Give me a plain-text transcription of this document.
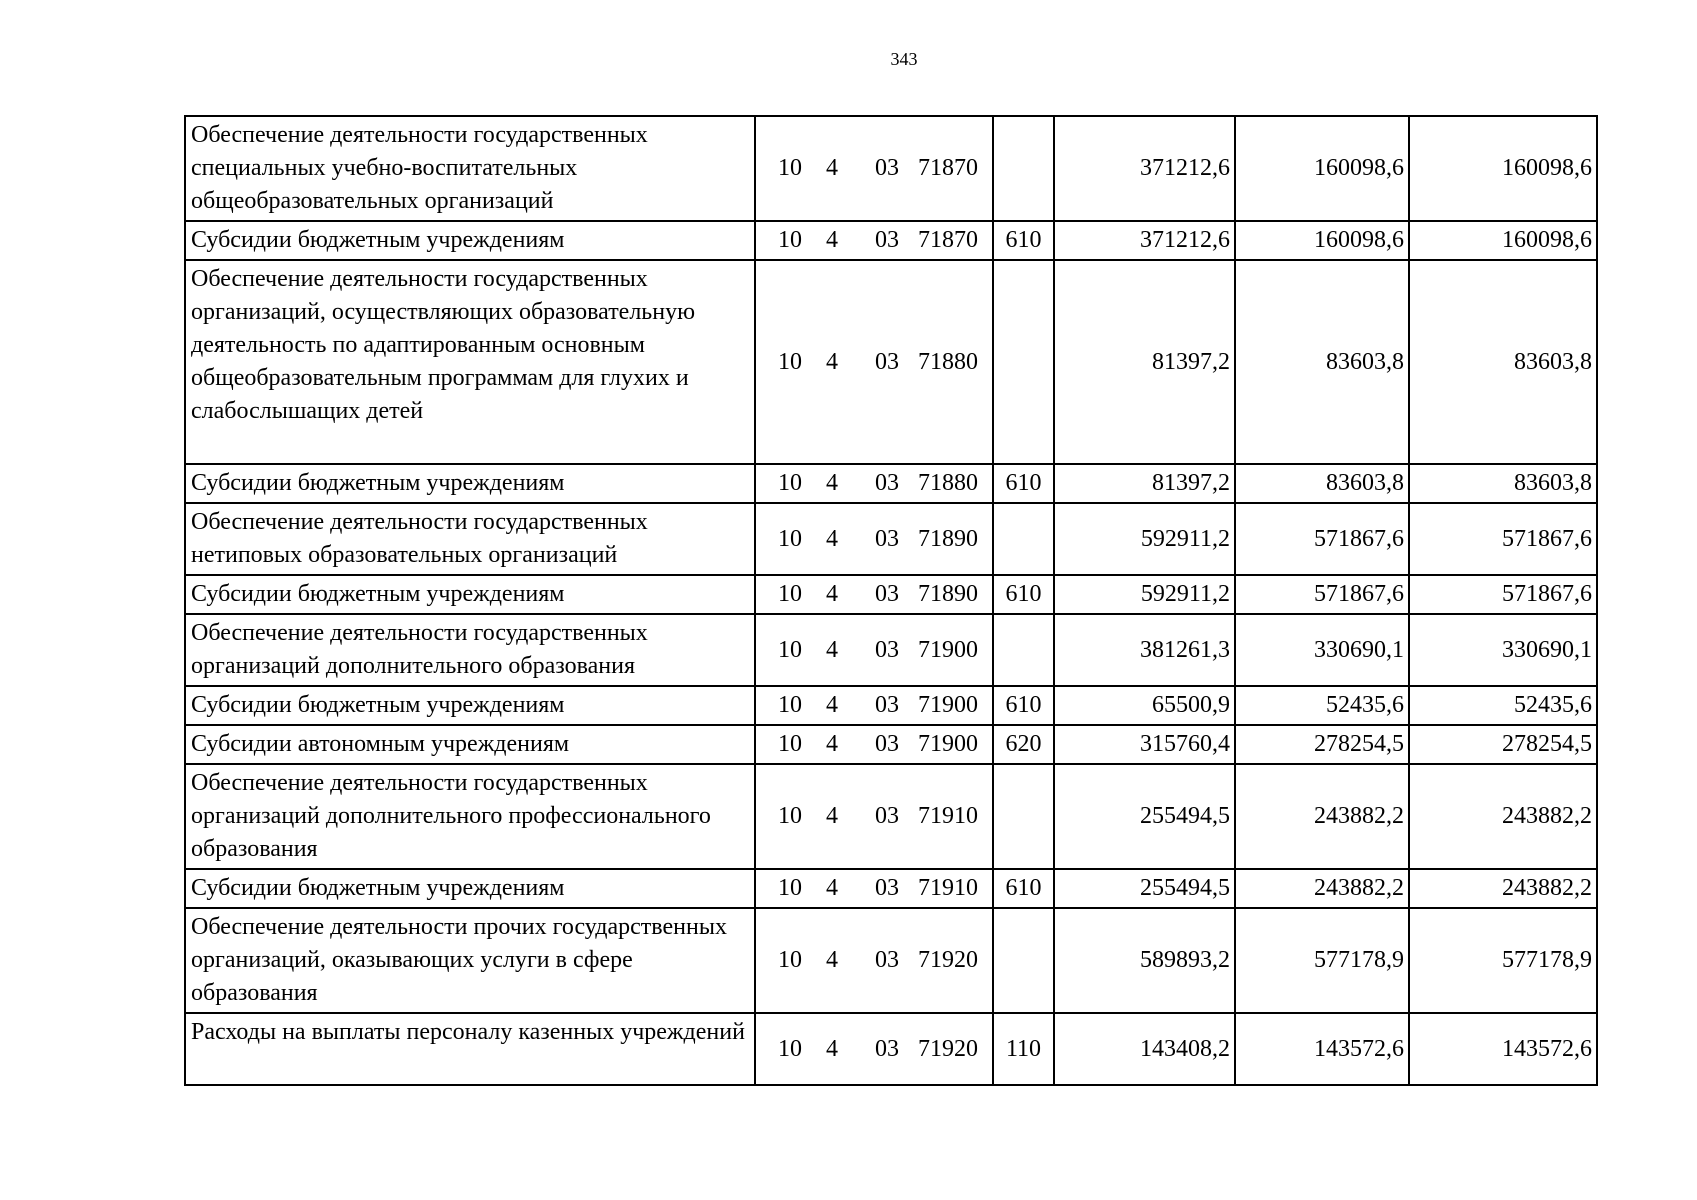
343
Обеспечение деятельности государственных специальных учебно-воспитательных общеобразовательных организаций	10 4 03 71870		371212,6	160098,6	160098,6
Субсидии бюджетным учреждениям	10 4 03 71870	610	371212,6	160098,6	160098,6
Обеспечение деятельности государственных организаций, осуществляющих образовательную деятельность по адаптированным основным общеобразовательным программам для глухих и слабослышащих детей	10 4 03 71880		81397,2	83603,8	83603,8
Субсидии бюджетным учреждениям	10 4 03 71880	610	81397,2	83603,8	83603,8
Обеспечение деятельности государственных нетиповых образовательных организаций	10 4 03 71890		592911,2	571867,6	571867,6
Субсидии бюджетным учреждениям	10 4 03 71890	610	592911,2	571867,6	571867,6
Обеспечение деятельности государственных организаций дополнительного образования	10 4 03 71900		381261,3	330690,1	330690,1
Субсидии бюджетным учреждениям	10 4 03 71900	610	65500,9	52435,6	52435,6
Субсидии автономным учреждениям	10 4 03 71900	620	315760,4	278254,5	278254,5
Обеспечение деятельности государственных организаций дополнительного профессионального образования	10 4 03 71910		255494,5	243882,2	243882,2
Субсидии бюджетным учреждениям	10 4 03 71910	610	255494,5	243882,2	243882,2
Обеспечение деятельности прочих государственных организаций, оказывающих услуги в сфере образования	10 4 03 71920		589893,2	577178,9	577178,9
Расходы на выплаты персоналу казенных учреждений	10 4 03 71920	110	143408,2	143572,6	143572,6
